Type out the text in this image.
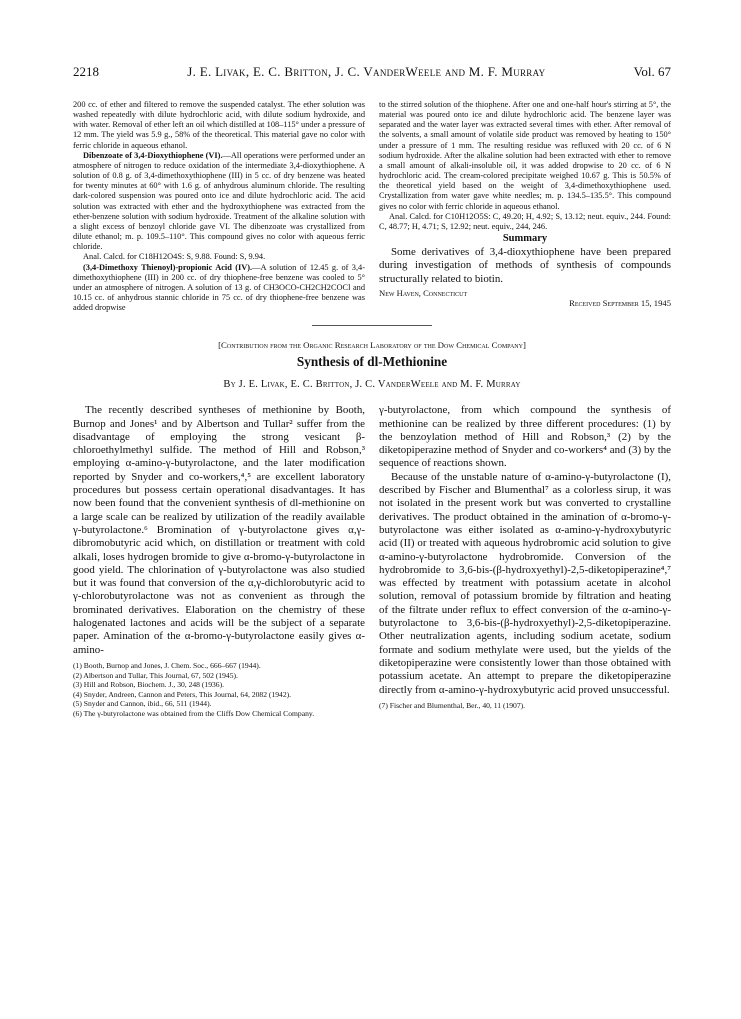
2218	J. E. Livak, E. C. Britton, J. C. VanderWeele and M. F. Murray	Vol. 67

200 cc. of ether and filtered to remove the suspended catalyst. The ether solution was washed repeatedly with dilute hydrochloric acid, with dilute sodium hydroxide, and with water. Removal of ether left an oil which distilled at 108–115° under a pressure of 12 mm. The yield was 5.9 g., 58% of the theoretical. This material gave no color with ferric chloride in aqueous ethanol.

Dibenzoate of 3,4-Dioxythiophene (VI).—All operations were performed under an atmosphere of nitrogen to reduce oxidation of the intermediate 3,4-dioxythiophene. A solution of 0.8 g. of 3,4-dimethoxythiophene (III) in 5 cc. of dry benzene was heated for twenty minutes at 60° with 1.6 g. of anhydrous aluminum chloride. The resulting dark-colored suspension was poured onto ice and dilute hydrochloric acid. The acid solution was extracted with ether and the hydroxythiophene was extracted from the ether-benzene solution with sodium hydroxide. Treatment of the alkaline solution with a slight excess of benzoyl chloride gave VI. The dibenzoate was crystallized from dilute ethanol; m. p. 109.5–110°. This compound gives no color with aqueous ferric chloride.

Anal. Calcd. for C18H12O4S: S, 9.88. Found: S, 9.94.

(3,4-Dimethoxy Thienoyl)-propionic Acid (IV).—A solution of 12.45 g. of 3,4-dimethoxythiophene (III) in 200 cc. of dry thiophene-free benzene was cooled to 5° under an atmosphere of nitrogen. A solution of 13 g. of CH3OCO-CH2CH2COCl and 10.15 cc. of anhydrous stannic chloride in 75 cc. of dry thiophene-free benzene was added dropwise

to the stirred solution of the thiophene. After one and one-half hour's stirring at 5°, the material was poured onto ice and dilute hydrochloric acid. The benzene layer was separated and the water layer was extracted several times with ether. After removal of the solvents, a small amount of volatile side product was removed by heating to 150° under a pressure of 1 mm. The resulting residue was refluxed with 20 cc. of 6 N sodium hydroxide. After the alkaline solution had been extracted with ether to remove a small amount of alkali-insoluble oil, it was added dropwise to 20 cc. of 6 N hydrochloric acid. The cream-colored precipitate weighed 10.67 g. This is 50.5% of the theoretical yield based on the weight of 3,4-dimethoxythiophene used. Crystallization from water gave white needles; m. p. 134.5–135.5°. This compound gives no color with ferric chloride in aqueous ethanol.

Anal. Calcd. for C10H12O5S: C, 49.20; H, 4.92; S, 13.12; neut. equiv., 244. Found: C, 48.77; H, 4.71; S, 12.92; neut. equiv., 244, 246.

Summary

Some derivatives of 3,4-dioxythiophene have been prepared during investigation of methods of synthesis of compounds structurally related to biotin.

New Haven, Connecticut
Received September 15, 1945
[Contribution from the Organic Research Laboratory of the Dow Chemical Company]
Synthesis of dl-Methionine
By J. E. Livak, E. C. Britton, J. C. VanderWeele and M. F. Murray

The recently described syntheses of methionine by Booth, Burnop and Jones¹ and by Albertson and Tullar² suffer from the disadvantage of employing the strong vesicant β-chloroethylmethyl sulfide. The method of Hill and Robson,³ employing α-amino-γ-butyrolactone, and the later modification reported by Snyder and co-workers,⁴,⁵ are excellent laboratory procedures but possess certain operational disadvantages. It has now been found that the convenient synthesis of dl-methionine on a large scale can be realized by utilization of the readily available γ-butyrolactone.⁶ Bromination of γ-butyrolactone gives α,γ-dibromobutyric acid which, on distillation or treatment with cold alkali, loses hydrogen bromide to give α-bromo-γ-butyrolactone in good yield. The chlorination of γ-butyrolactone was also studied but it was found that conversion of the α,γ-dichlorobutyric acid to γ-chlorobutyrolactone was not as convenient as through the brominated derivatives. Elaboration on the chemistry of these halogenated lactones and acids will be the subject of a separate paper. Amination of the α-bromo-γ-butyrolactone easily gives α-amino-

(1) Booth, Burnop and Jones, J. Chem. Soc., 666–667 (1944).
(2) Albertson and Tullar, This Journal, 67, 502 (1945).
(3) Hill and Robson, Biochem. J., 30, 248 (1936).
(4) Snyder, Andreen, Cannon and Peters, This Journal, 64, 2082 (1942).
(5) Snyder and Cannon, ibid., 66, 511 (1944).
(6) The γ-butyrolactone was obtained from the Cliffs Dow Chemical Company.

γ-butyrolactone, from which compound the synthesis of methionine can be realized by three different procedures: (1) by the benzoylation method of Hill and Robson,³ (2) by the diketopiperazine method of Snyder and co-workers⁴ and (3) by the sequence of reactions shown.

Because of the unstable nature of α-amino-γ-butyrolactone (I), described by Fischer and Blumenthal⁷ as a colorless sirup, it was not isolated in the present work but was converted to crystalline derivatives. The product obtained in the amination of α-bromo-γ-butyrolactone was either isolated as α-amino-γ-hydroxybutyric acid (II) or treated with aqueous hydrobromic acid solution to give α-amino-γ-butyrolactone hydrobromide. Conversion of the hydrobromide to 3,6-bis-(β-hydroxyethyl)-2,5-diketopiperazine⁴,⁷ was effected by treatment with potassium acetate in alcohol solution, removal of potassium bromide by filtration and heating of the filtrate under reflux to effect conversion of the α-amino-γ-butyrolactone to 3,6-bis-(β-hydroxyethyl)-2,5-diketopiperazine. Other neutralization agents, including sodium acetate, sodium formate and sodium methylate were used, but the yields of the diketopiperazine were consistently lower than those obtained with potassium acetate. An attempt to prepare the diketopiperazine directly from α-amino-γ-hydroxybutyric acid proved unsuccessful.

(7) Fischer and Blumenthal, Ber., 40, 11 (1907).
